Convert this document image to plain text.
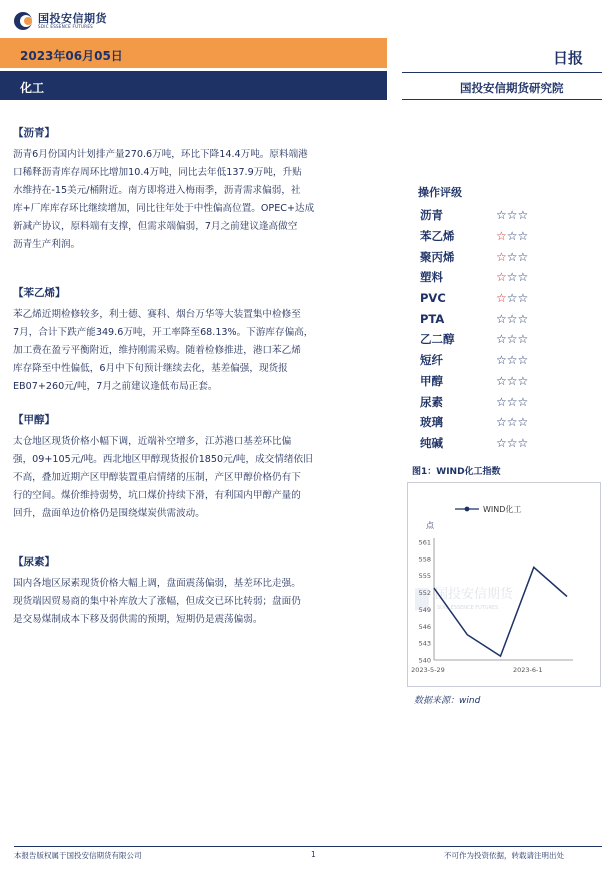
国投安信期货
SDIC ESSENCE FUTURES
2023年06月05日
化工
日报
国投安信期货研究院
【沥青】

沥青6月份国内计划排产量270.6万吨，环比下降14.4万吨。原料端港

口稀释沥青库存周环比增加10.4万吨，同比去年低137.9万吨，升贴

水维持在-15美元/桶附近。南方即将进入梅雨季，沥青需求偏弱，社

库+厂库库存环比继续增加，同比往年处于中性偏高位置。OPEC+达成

新减产协议，原料端有支撑，但需求端偏弱，7月之前建议逢高做空

沥青生产利润。

【苯乙烯】

苯乙烯近期检修较多，利士德、赛科、烟台万华等大装置集中检修至

7月，合计下跌产能349.6万吨，开工率降至68.13%。下游库存偏高，

加工费在盈亏平衡附近，维持刚需采购。随着检修推进，港口苯乙烯

库存降至中性偏低，6月中下旬预计继续去化，基差偏强，现货报

EB07+260元/吨，7月之前建议逢低布局正套。

【甲醇】

太仓地区现货价格小幅下调，近端补空增多，江苏港口基差环比偏

强，09+105元/吨。西北地区甲醇现货报价1850元/吨，成交情绪依旧

不高，叠加近期产区甲醇装置重启情绪的压制，产区甲醇价格仍有下

行的空间。煤价维持弱势，坑口煤价持续下滑，有利国内甲醇产量的

回升，盘面单边价格仍是围绕煤炭供需波动。

【尿素】

国内各地区尿素现货价格大幅上调，盘面震荡偏弱，基差环比走强。

现货端因贸易商的集中补库放大了涨幅，但成交已环比转弱；盘面仍

是交易煤制成本下移及弱供需的预期，短期仍是震荡偏弱。

操作评级
沥青	☆☆☆
苯乙烯	☆☆☆
聚丙烯	☆☆☆
塑料	☆☆☆
PVC	☆☆☆
PTA	☆☆☆
乙二醇	☆☆☆
短纤	☆☆☆
甲醇	☆☆☆
尿素	☆☆☆
玻璃	☆☆☆
纯碱	☆☆☆
图1：WIND化工指数
国投安信期货
SDIC ESSENCE FUTURES
WIND化工
点
540
543
546
549
552
555
558
561
2023-5-29	2023-6-1
数据来源：wind
本报告版权属于国投安信期货有限公司	1	不可作为投资依据，转载请注明出处
